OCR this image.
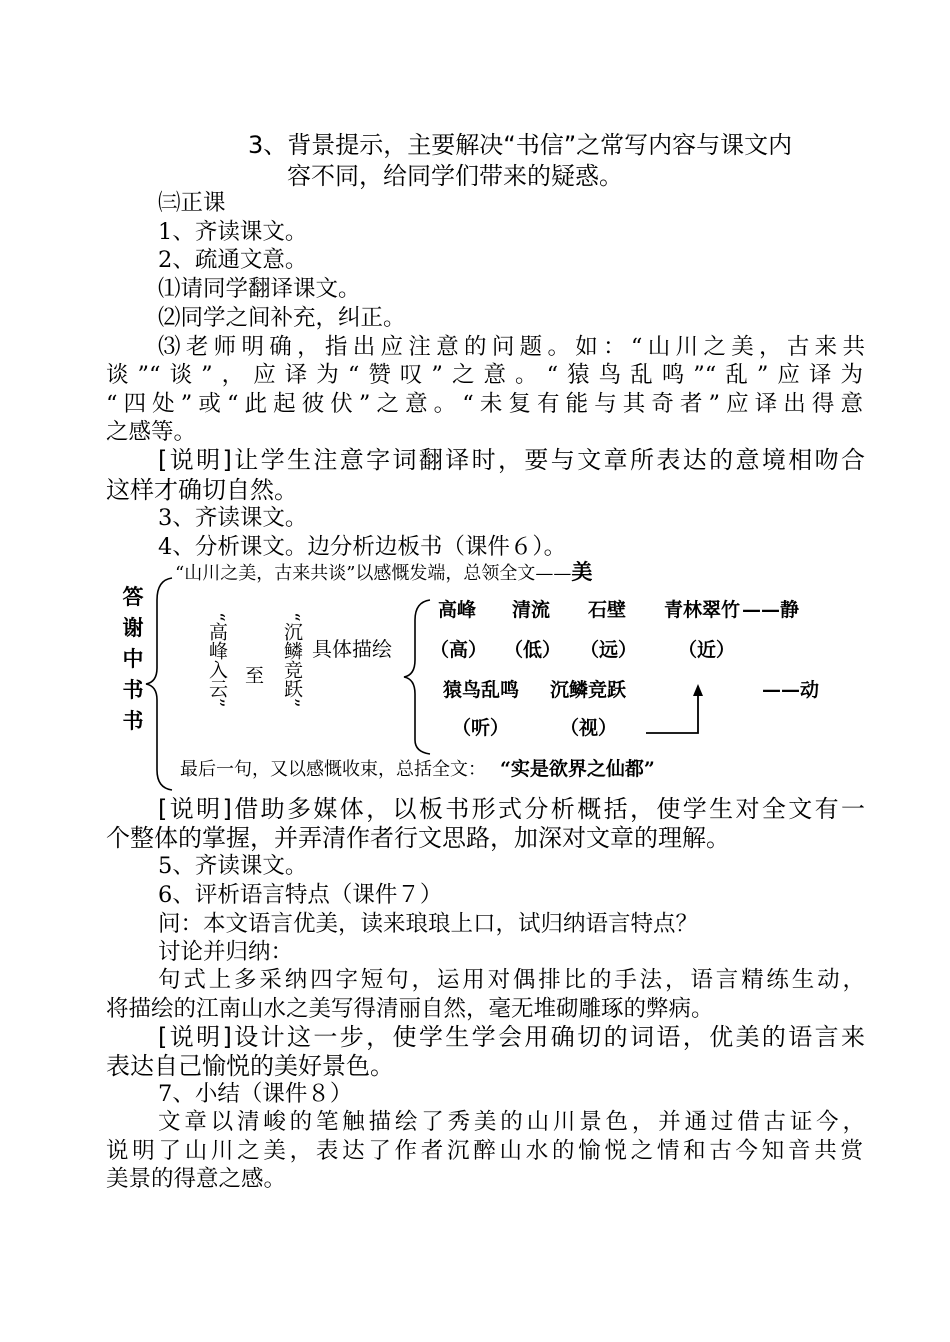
3、背景提示，主要解决“书信”之常写内容与课文内
容不同，给同学们带来的疑惑。
㈢正课
1、齐读课文。
2、疏通文意。
⑴请同学翻译课文。
⑵同学之间补充，纠正。
⑶老师明确，指出应注意的问题。如：“山川之美，古来共
谈”“谈”，应译为“赞叹”之意。“猿鸟乱鸣”“乱”应译为
“四处”或“此起彼伏”之意。“未复有能与其奇者”应译出得意
之感等。
[说明]让学生注意字词翻译时，要与文章所表达的意境相吻合
这样才确切自然。
3、齐读课文。
4、分析课文。边分析边板书（课件６）。
答
谢
中
书
书
“山川之美，古来共谈”以感慨发端，总领全文——美
“高峰入云” 至 “沉鳞竞跃” 具体描绘
高峰 清流 石壁 青林翠竹 ——静
（高） （低） （远） （近）
猿鸟乱鸣 沉鳞竞跃	——动
（听）	（视）
最后一句，又以感慨收束，总括全文： “实是欲界之仙都”
[说明]借助多媒体，以板书形式分析概括，使学生对全文有一
个整体的掌握，并弄清作者行文思路，加深对文章的理解。
5、齐读课文。
6、评析语言特点（课件７）
问：本文语言优美，读来琅琅上口，试归纳语言特点？
讨论并归纳：
句式上多采纳四字短句，运用对偶排比的手法，语言精练生动，
将描绘的江南山水之美写得清丽自然，毫无堆砌雕琢的弊病。
[说明]设计这一步，使学生学会用确切的词语，优美的语言来
表达自己愉悦的美好景色。
7、小结（课件８）
文章以清峻的笔触描绘了秀美的山川景色，并通过借古证今，
说明了山川之美，表达了作者沉醉山水的愉悦之情和古今知音共赏
美景的得意之感。
